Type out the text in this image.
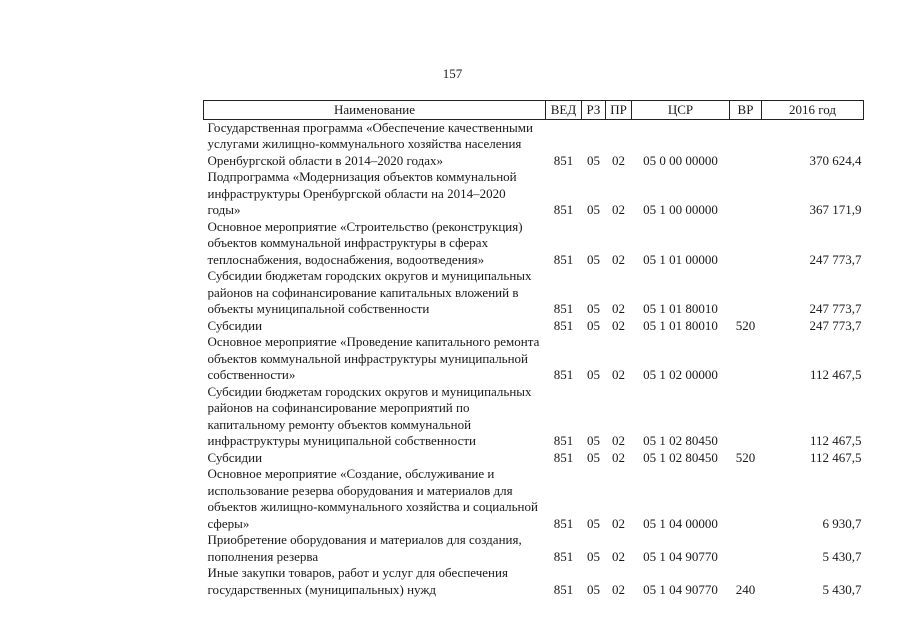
157
Наименование	ВЕД	РЗ	ПР	ЦСР	ВР	2016 год
Государственная программа «Обеспечение качественными услугами жилищно-коммунального хозяйства населения Оренбургской области в 2014–2020 годах»	851	05	02	05 0 00 00000		370 624,4
Подпрограмма «Модернизация объектов коммунальной инфраструктуры Оренбургской области на 2014–2020 годы»	851	05	02	05 1 00 00000		367 171,9
Основное мероприятие «Строительство (реконструкция) объектов коммунальной инфраструктуры в сферах теплоснабжения, водоснабжения, водоотведения»	851	05	02	05 1 01 00000		247 773,7
Субсидии бюджетам городских округов и муниципальных районов на софинансирование капитальных вложений в объекты муниципальной собственности	851	05	02	05 1 01 80010		247 773,7
Субсидии	851	05	02	05 1 01 80010	520	247 773,7
Основное мероприятие «Проведение капитального ремонта объектов коммунальной инфраструктуры муниципальной собственности»	851	05	02	05 1 02 00000		112 467,5
Субсидии бюджетам городских округов и муниципальных районов на софинансирование мероприятий по капитальному ремонту объектов коммунальной инфраструктуры муниципальной собственности	851	05	02	05 1 02 80450		112 467,5
Субсидии	851	05	02	05 1 02 80450	520	112 467,5
Основное мероприятие «Создание, обслуживание и использование резерва оборудования и материалов для объектов жилищно-коммунального хозяйства и социальной сферы»	851	05	02	05 1 04 00000		6 930,7
Приобретение оборудования и материалов для создания, пополнения резерва	851	05	02	05 1 04 90770		5 430,7
Иные закупки товаров, работ и услуг для обеспечения государственных (муниципальных) нужд	851	05	02	05 1 04 90770	240	5 430,7
